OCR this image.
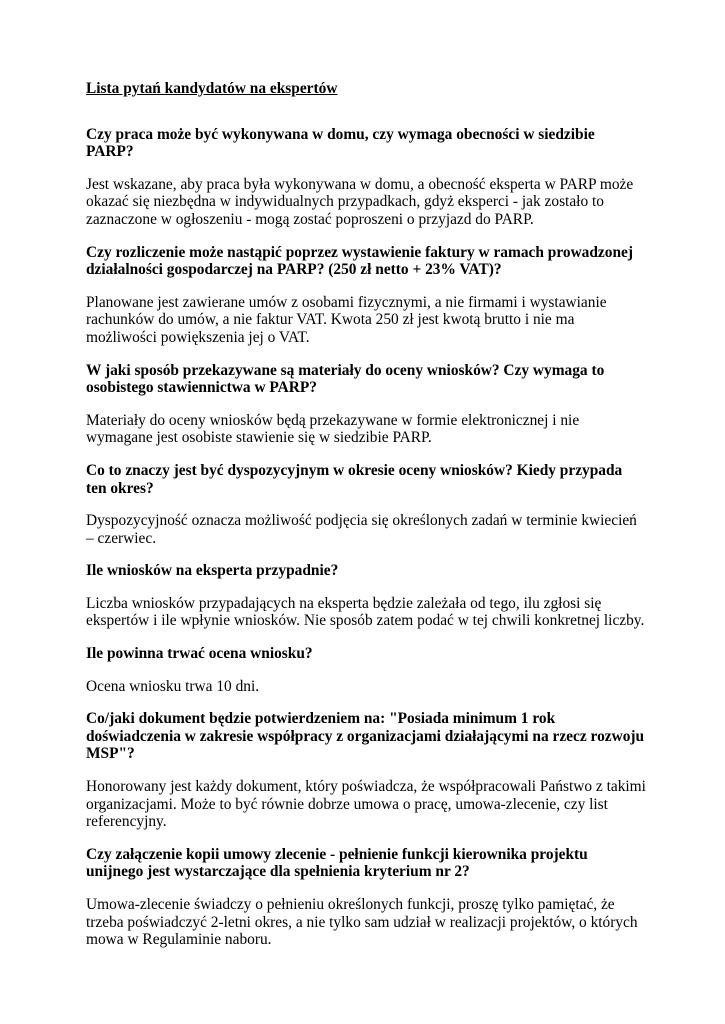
Lista pytań kandydatów na ekspertów

Czy praca może być wykonywana w domu, czy wymaga obecności w siedzibie PARP?

Jest wskazane, aby praca była wykonywana w domu, a obecność eksperta w PARP może okazać się niezbędna w indywidualnych przypadkach, gdyż eksperci - jak zostało to zaznaczone w ogłoszeniu - mogą zostać poproszeni o przyjazd do PARP.

Czy rozliczenie może nastąpić poprzez wystawienie faktury w ramach prowadzonej działalności gospodarczej na PARP? (250 zł netto + 23% VAT)?

Planowane jest zawierane umów z osobami fizycznymi, a nie firmami i wystawianie rachunków do umów, a nie faktur VAT. Kwota 250 zł jest kwotą brutto i nie ma możliwości powiększenia jej o VAT.

W jaki sposób przekazywane są materiały do oceny wniosków? Czy wymaga to osobistego stawiennictwa w PARP?

Materiały do oceny wniosków będą przekazywane w formie elektronicznej i nie wymagane jest osobiste stawienie się w siedzibie PARP.

Co to znaczy jest być dyspozycyjnym w okresie oceny wniosków? Kiedy przypada ten okres?

Dyspozycyjność oznacza możliwość podjęcia się określonych zadań w terminie kwiecień – czerwiec.

Ile wniosków na eksperta przypadnie?

Liczba wniosków przypadających na eksperta będzie zależała od tego, ilu zgłosi się ekspertów i ile wpłynie wniosków. Nie sposób zatem podać w tej chwili konkretnej liczby.

Ile powinna trwać ocena wniosku?

Ocena wniosku trwa 10 dni.

Co/jaki dokument będzie potwierdzeniem na: "Posiada minimum 1 rok doświadczenia w zakresie współpracy z organizacjami działającymi na rzecz rozwoju MSP"?

Honorowany jest każdy dokument, który poświadcza, że współpracowali Państwo z takimi organizacjami. Może to być równie dobrze umowa o pracę, umowa-zlecenie, czy list referencyjny.

Czy załączenie kopii umowy zlecenie - pełnienie funkcji kierownika projektu unijnego jest wystarczające dla spełnienia kryterium nr 2?

Umowa-zlecenie świadczy o pełnieniu określonych funkcji, proszę tylko pamiętać, że trzeba poświadczyć 2-letni okres, a nie tylko sam udział w realizacji projektów, o których mowa w Regulaminie naboru.
